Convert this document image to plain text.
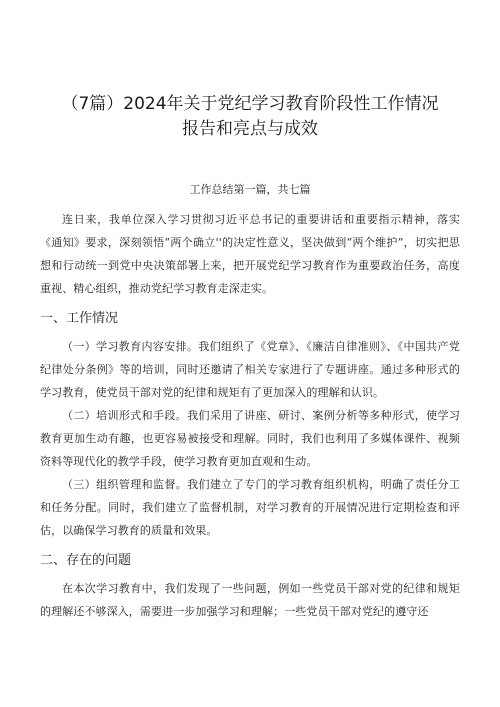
（7篇）2024年关于党纪学习教育阶段性工作情况
报告和亮点与成效
工作总结第一篇，共七篇

连日来，我单位深入学习贯彻习近平总书记的重要讲话和重要指示精神，落实《通知》要求，深刻领悟“两个确立''的决定性意义，坚决做到“两个维护”，切实把思想和行动统一到党中央决策部署上来，把开展党纪学习教育作为重要政治任务，高度重视、精心组织，推动党纪学习教育走深走实。

一、工作情况

（一）学习教育内容安排。我们组织了《党章》、《廉洁自律准则》、《中国共产党纪律处分条例》等的培训，同时还邀请了相关专家进行了专题讲座。通过多种形式的学习教育，使党员干部对党的纪律和规矩有了更加深入的理解和认识。

（二）培训形式和手段。我们采用了讲座、研讨、案例分析等多种形式，使学习教育更加生动有趣，也更容易被接受和理解。同时，我们也利用了多媒体课件、视频资料等现代化的教学手段，使学习教育更加直观和生动。

（三）组织管理和监督。我们建立了专门的学习教育组织机构，明确了责任分工和任务分配。同时，我们建立了监督机制，对学习教育的开展情况进行定期检查和评估，以确保学习教育的质量和效果。

二、存在的问题

在本次学习教育中，我们发现了一些问题，例如一些党员干部对党的纪律和规矩的理解还不够深入，需要进一步加强学习和理解；一些党员干部对党纪的遵守还
